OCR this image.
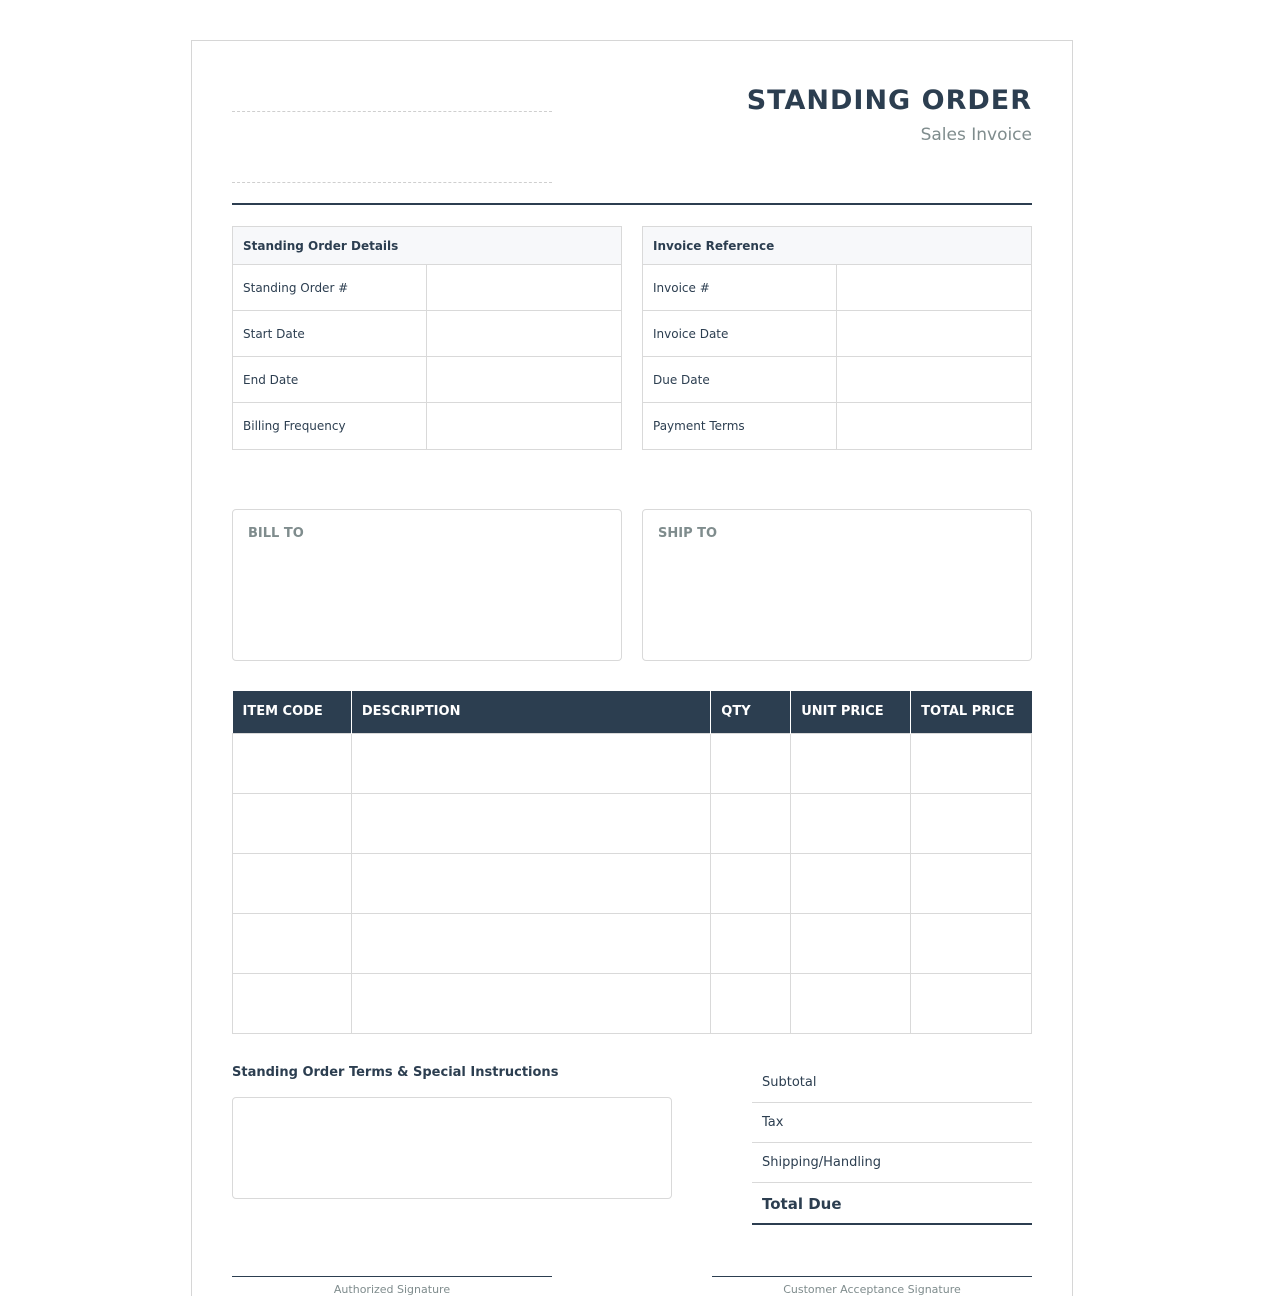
STANDING ORDER
Sales Invoice
Standing Order Details
Standing Order #
Start Date
End Date
Billing Frequency
Invoice Reference
Invoice #
Invoice Date
Due Date
Payment Terms
BILL TO	SHIP TO
ITEM CODE	DESCRIPTION	QTY	UNIT PRICE	TOTAL PRICE

Standing Order Terms & Special Instructions
Subtotal
Tax
Shipping/Handling
Total Due
Authorized Signature	Customer Acceptance Signature
